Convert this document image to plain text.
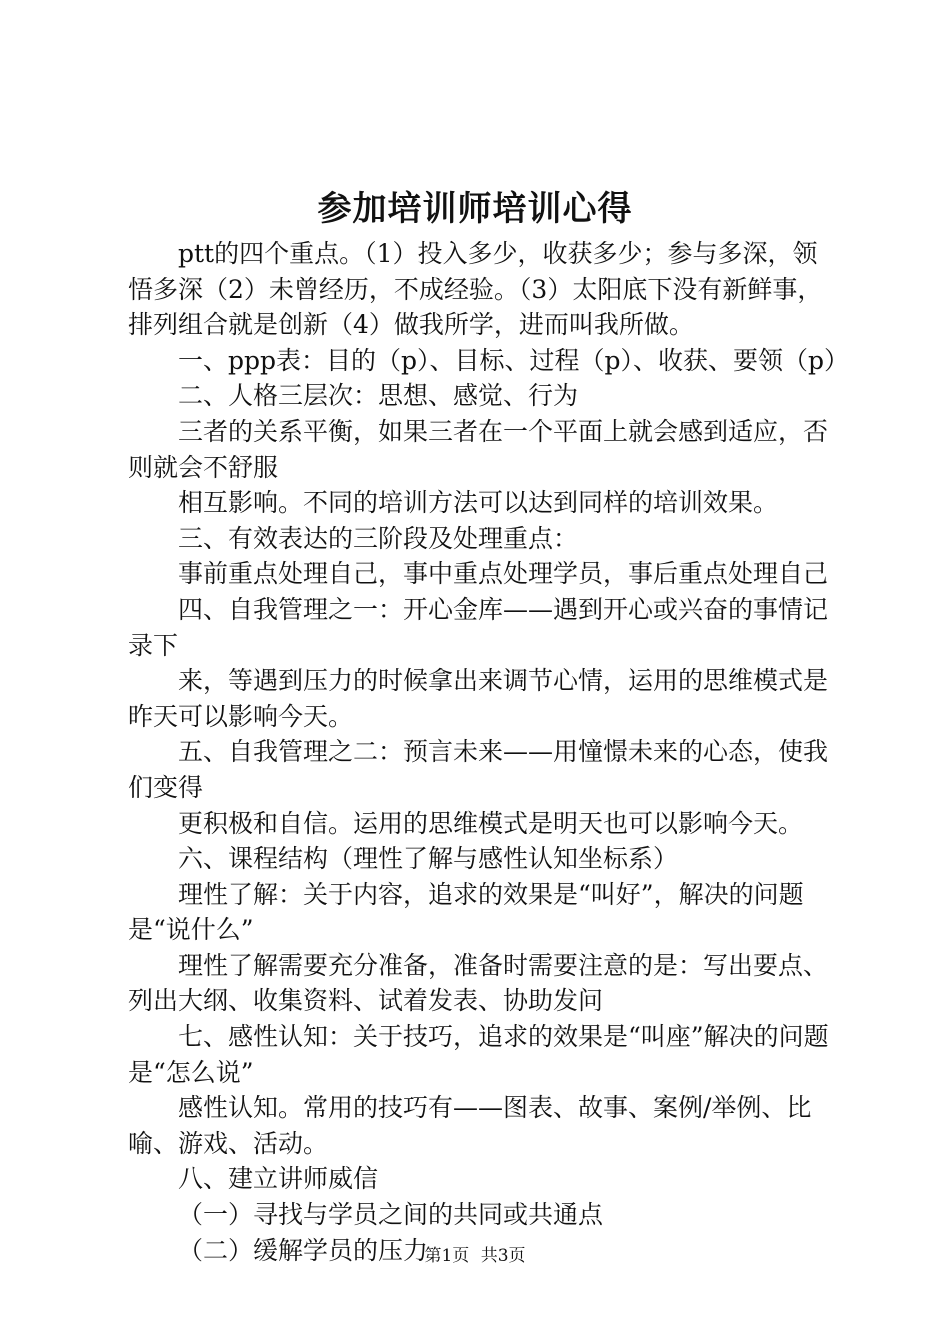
参加培训师培训心得

ptt的四个重点。（1）投入多少，收获多少；参与多深，领悟多深（2）未曾经历，不成经验。（3）太阳底下没有新鲜事，排列组合就是创新（4）做我所学，进而叫我所做。

一、ppp表：目的（p）、目标、过程（p）、收获、要领（p）

二、人格三层次：思想、感觉、行为

三者的关系平衡，如果三者在一个平面上就会感到适应，否则就会不舒服

相互影响。不同的培训方法可以达到同样的培训效果。

三、有效表达的三阶段及处理重点：

事前重点处理自己，事中重点处理学员，事后重点处理自己

四、自我管理之一：开心金库——遇到开心或兴奋的事情记录下

来，等遇到压力的时候拿出来调节心情，运用的思维模式是昨天可以影响今天。

五、自我管理之二：预言未来——用憧憬未来的心态，使我们变得

更积极和自信。运用的思维模式是明天也可以影响今天。

六、课程结构（理性了解与感性认知坐标系）

理性了解：关于内容，追求的效果是“叫好”，解决的问题是“说什么”

理性了解需要充分准备，准备时需要注意的是：写出要点、列出大纲、收集资料、试着发表、协助发问

七、感性认知：关于技巧，追求的效果是“叫座”解决的问题是“怎么说”

感性认知。常用的技巧有——图表、故事、案例/举例、比喻、游戏、活动。

八、建立讲师威信

（一）寻找与学员之间的共同或共通点

（二）缓解学员的压力

第1页 共3页
